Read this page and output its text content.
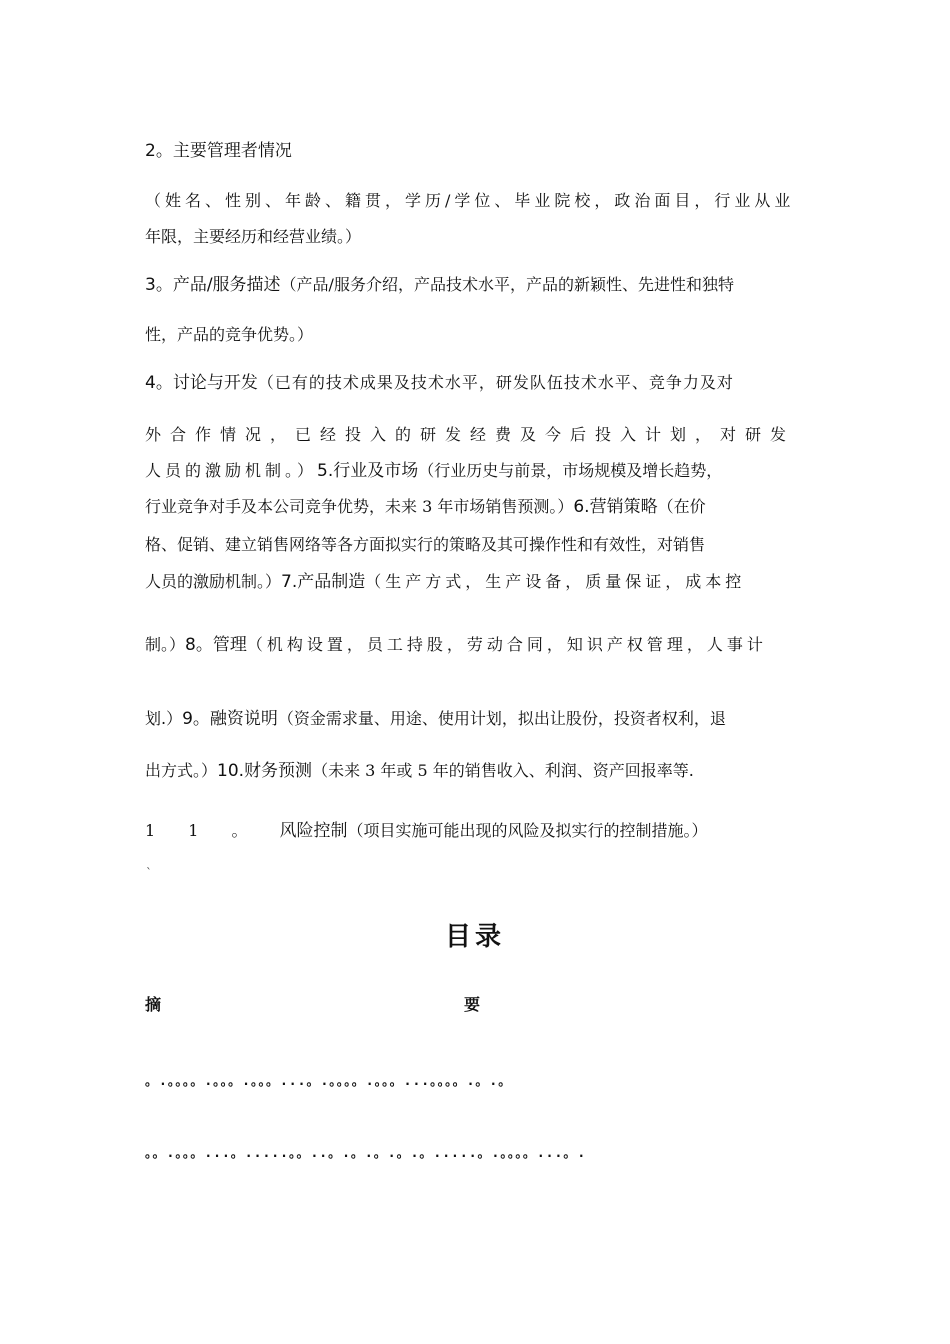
2。主要管理者情况
（姓名、性别、年龄、籍贯，学历/学位、毕业院校，政治面目，行业从业
年限，主要经历和经营业绩。）
3。产品/服务描述（产品/服务介绍，产品技术水平，产品的新颖性、先进性和独特
性，产品的竞争优势。）
4。讨论与开发（已有的技术成果及技术水平，研发队伍技术水平、竞争力及对
外合作情况，已经投入的研发经费及今后投入计划，对研发
人员的激励机制。）5.行业及市场（行业历史与前景，市场规模及增长趋势，
行业竞争对手及本公司竞争优势，未来 3 年市场销售预测。）6.营销策略（在价
格、促销、建立销售网络等各方面拟实行的策略及其可操作性和有效性，对销售
人员的激励机制。）7.产品制造（生产方式，生产设备，质量保证，成本控
制。）8。管理（机构设置，员工持股，劳动合同，知识产权管理，人事计
划.）9。融资说明（资金需求量、用途、使用计划，拟出让股份，投资者权利，退
出方式。）10.财务预测（未来 3 年或 5 年的销售收入、利润、资产回报率等.
1 1 。 风险控制（项目实施可能出现的风险及拟实行的控制措施。）
`
目录
摘	要
。.。。。。.。。。.。。。...。.。。。。.。。。...。。。。.。.。
。。.。。。...。.....。。..。.。.。.。.。.....。.。。。。...。.
